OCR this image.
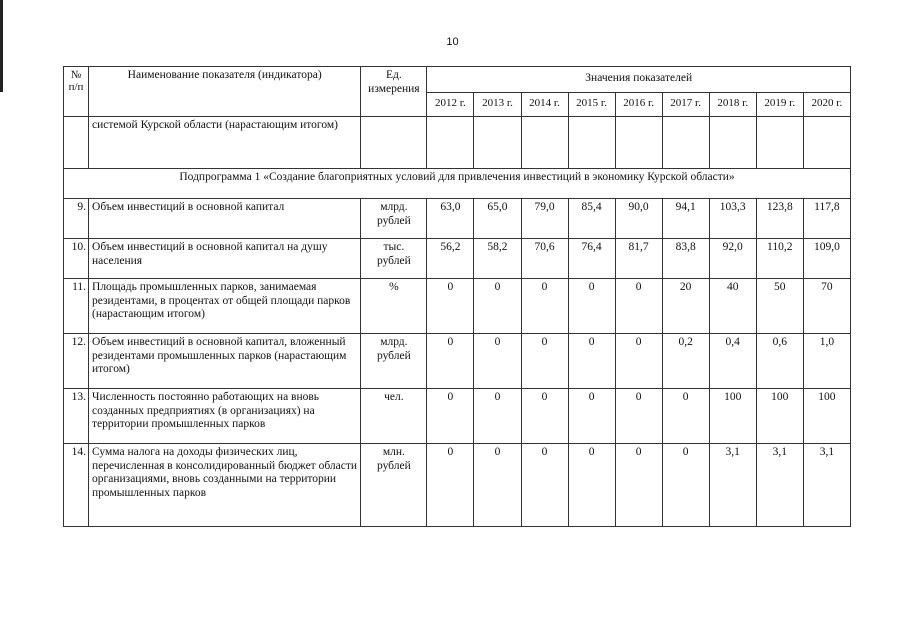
10
№
п/п	Наименование показателя (индикатора)	Ед.
измерения	Значения показателей								
			2012 г.	2013 г.	2014 г.	2015 г.	2016 г.	2017 г.	2018 г.	2019 г.	2020 г.
	системой Курской области (нарастающим итогом)										
Подпрограмма 1 «Создание благоприятных условий для привлечения инвестиций в экономику Курской области»											
9.	Объем инвестиций в основной капитал	млрд.
рублей	63,0	65,0	79,0	85,4	90,0	94,1	103,3	123,8	117,8
10.	Объем инвестиций в основной капитал на душу населения	тыс.
рублей	56,2	58,2	70,6	76,4	81,7	83,8	92,0	110,2	109,0
11.	Площадь промышленных парков, занимаемая резидентами, в процентах от общей площади парков (нарастающим итогом)	%	0	0	0	0	0	20	40	50	70
12.	Объем инвестиций в основной капитал, вложенный резидентами промышленных парков (нарастающим итогом)	млрд.
рублей	0	0	0	0	0	0,2	0,4	0,6	1,0
13.	Численность постоянно работающих на вновь созданных предприятиях (в организациях) на территории промышленных парков	чел.	0	0	0	0	0	0	100	100	100
14.	Сумма налога на доходы физических лиц, перечисленная в консолидированный бюджет области организациями, вновь созданными на территории промышленных парков	млн.
рублей	0	0	0	0	0	0	3,1	3,1	3,1
